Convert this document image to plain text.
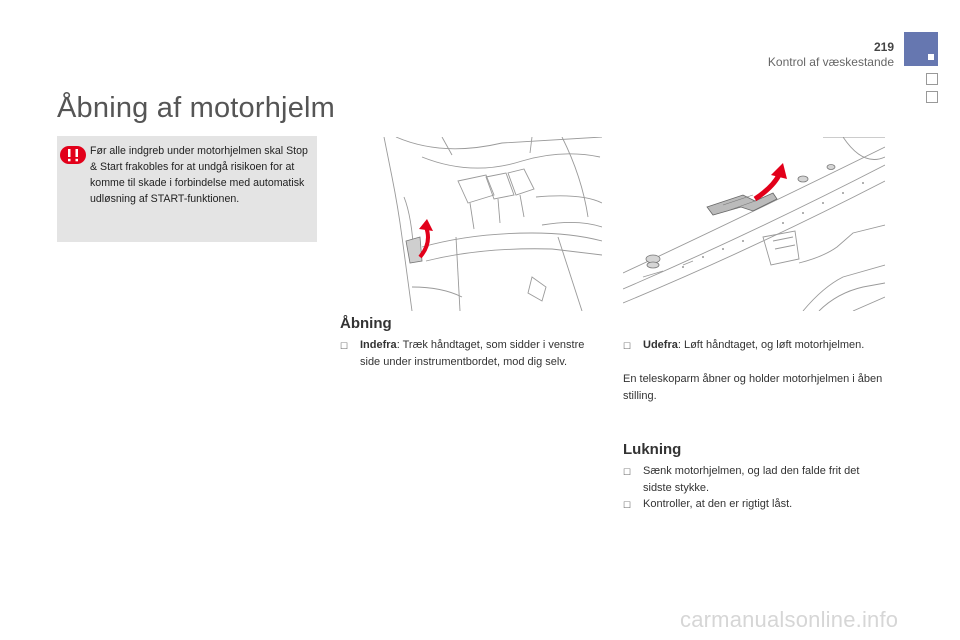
219
Kontrol af væskestande
Åbning af motorhjelm
Før alle indgreb under motorhjelmen skal Stop & Start frakobles for at undgå risikoen for at komme til skade i forbindelse med automatisk udløsning af START-funktionen.
Åbning
☐	Indefra: Træk håndtaget, som sidder i venstre side under instrumentbordet, mod dig selv.
☐	Udefra: Løft håndtaget, og løft motorhjelmen.
En teleskoparm åbner og holder motorhjelmen i åben stilling.
Lukning
☐	Sænk motorhjelmen, og lad den falde frit det sidste stykke.
☐	Kontroller, at den er rigtigt låst.
carmanualsonline.info
